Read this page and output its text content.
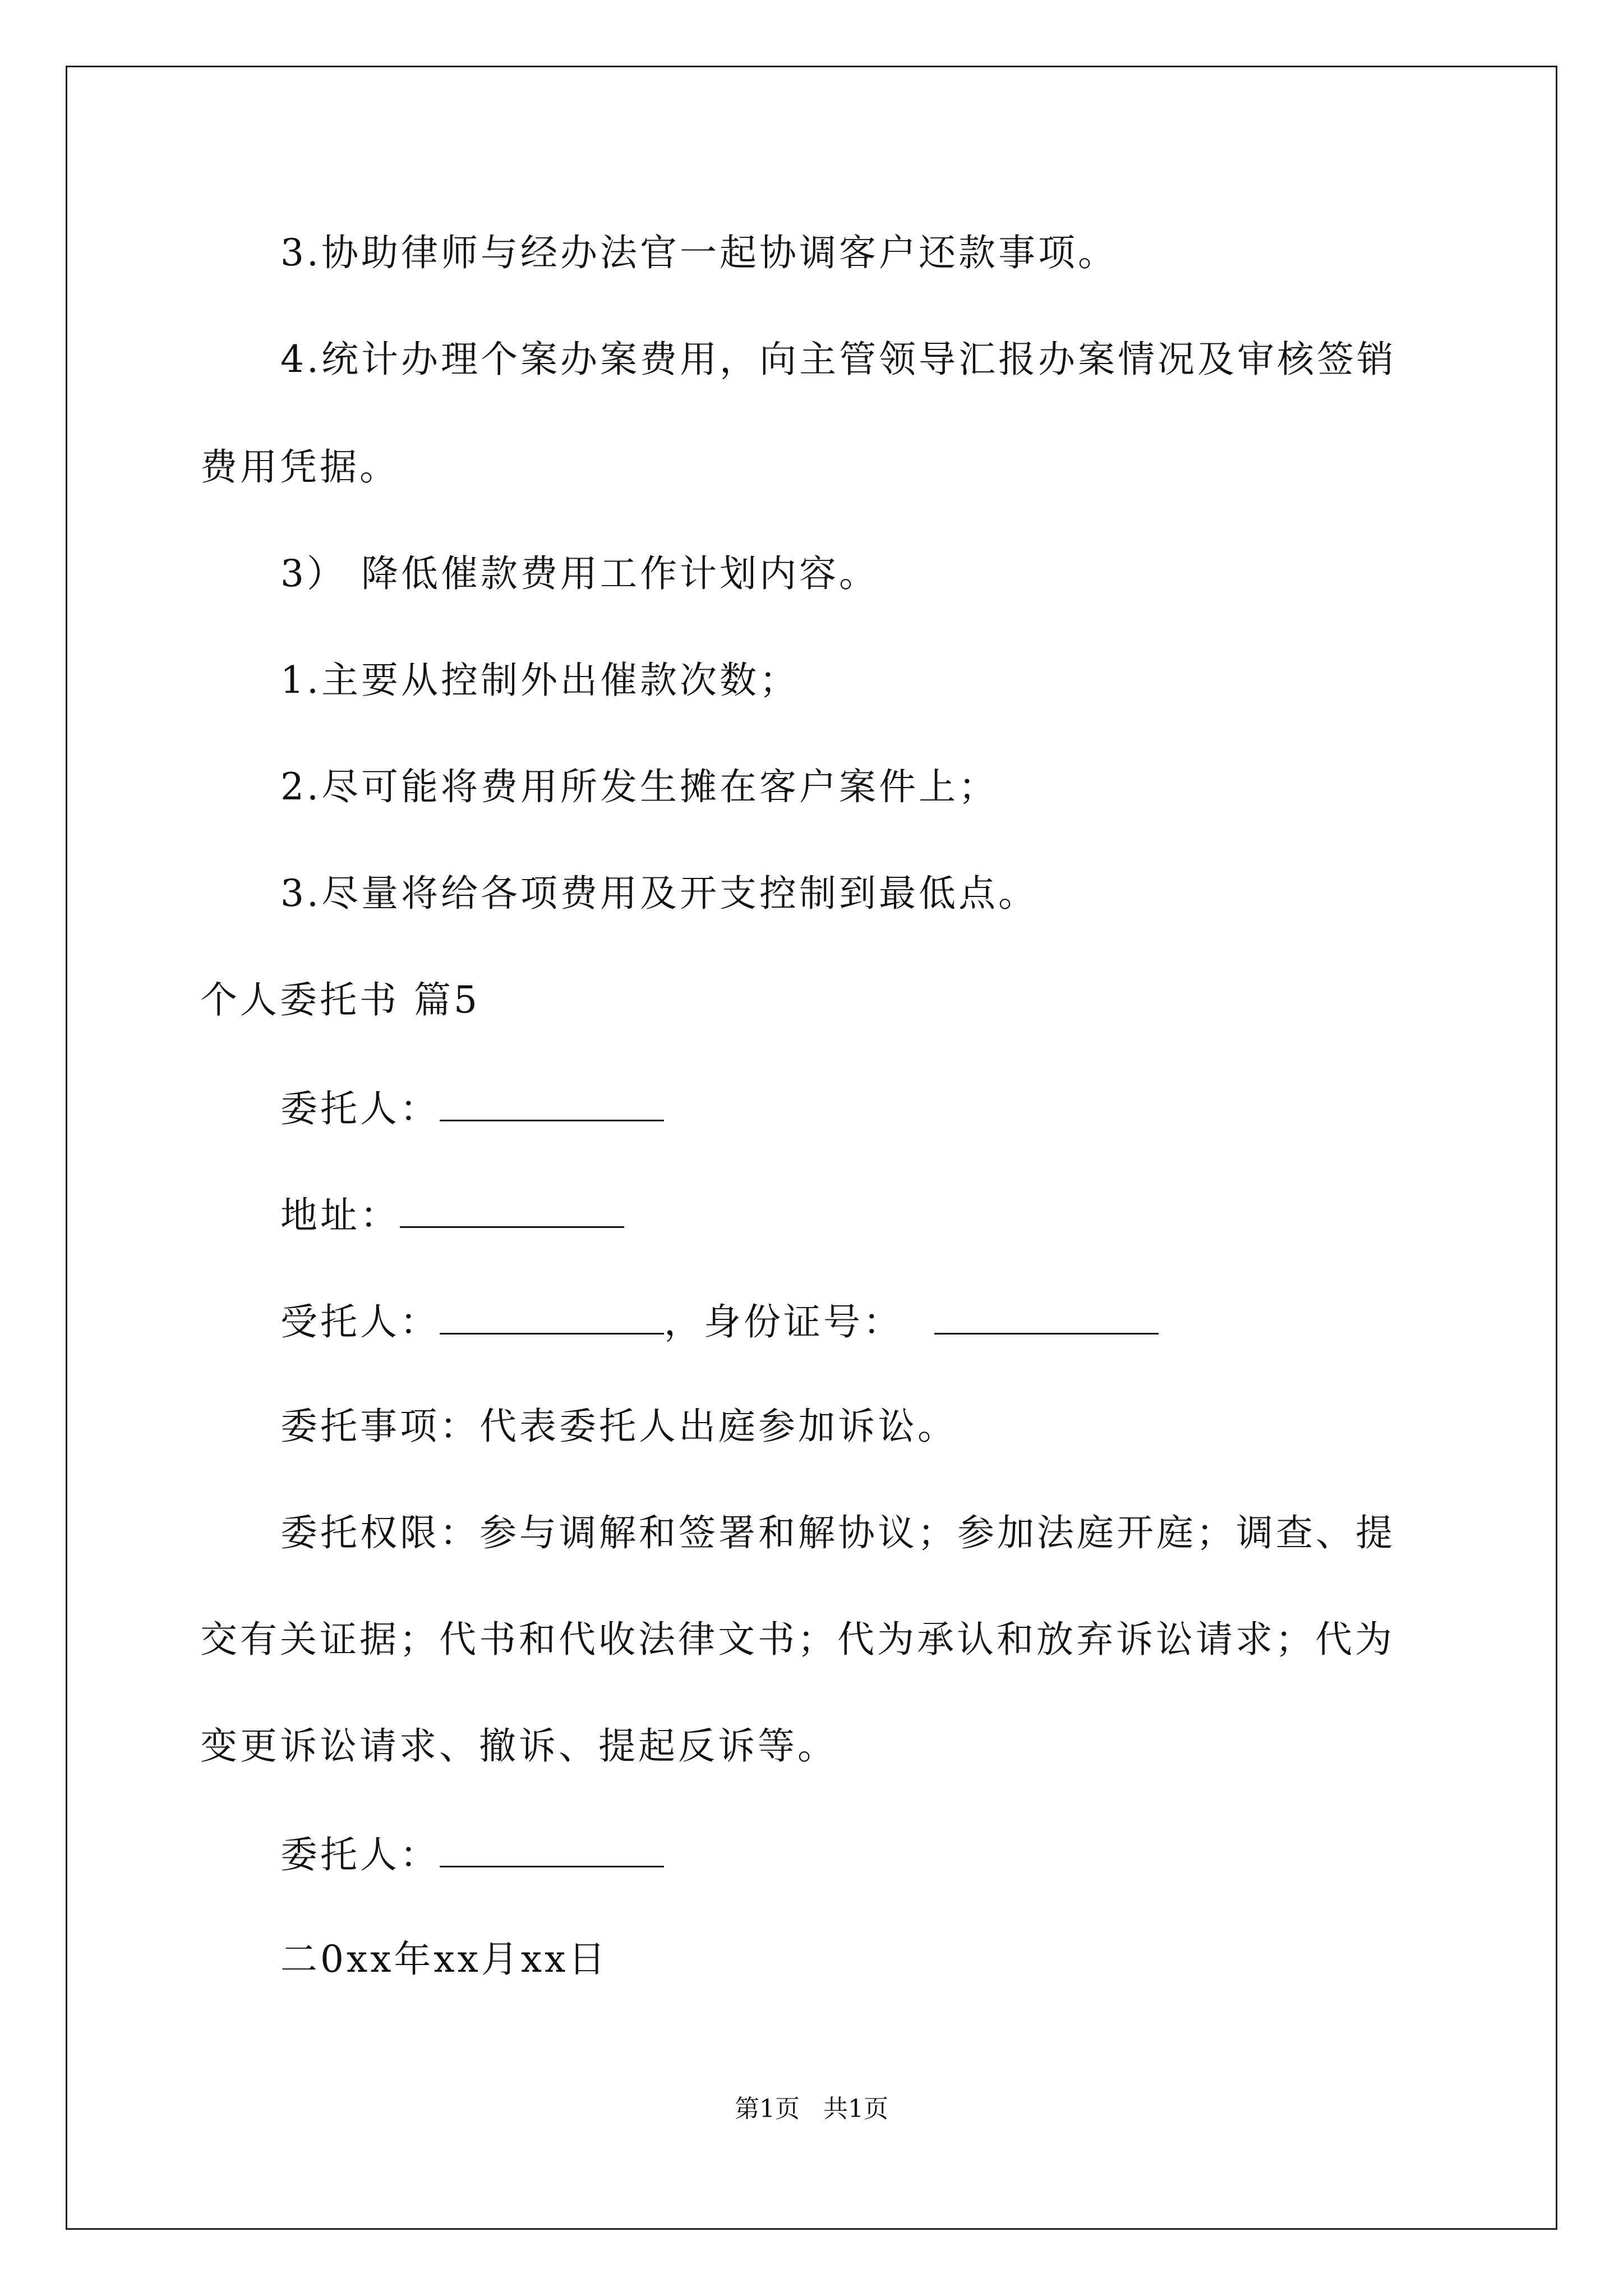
3.协助律师与经办法官一起协调客户还款事项。
4.统计办理个案办案费用，向主管领导汇报办案情况及审核签销
费用凭据。
3） 降低催款费用工作计划内容。
1.主要从控制外出催款次数；
2.尽可能将费用所发生摊在客户案件上；
3.尽量将给各项费用及开支控制到最低点。
个人委托书 篇5
委托人：
地址：
受托人：	，身份证号：
委托事项：代表委托人出庭参加诉讼。
委托权限：参与调解和签署和解协议；参加法庭开庭；调查、提
交有关证据；代书和代收法律文书；代为承认和放弃诉讼请求；代为
变更诉讼请求、撤诉、提起反诉等。
委托人：
二0xx年xx月xx日
第1页   共1页
